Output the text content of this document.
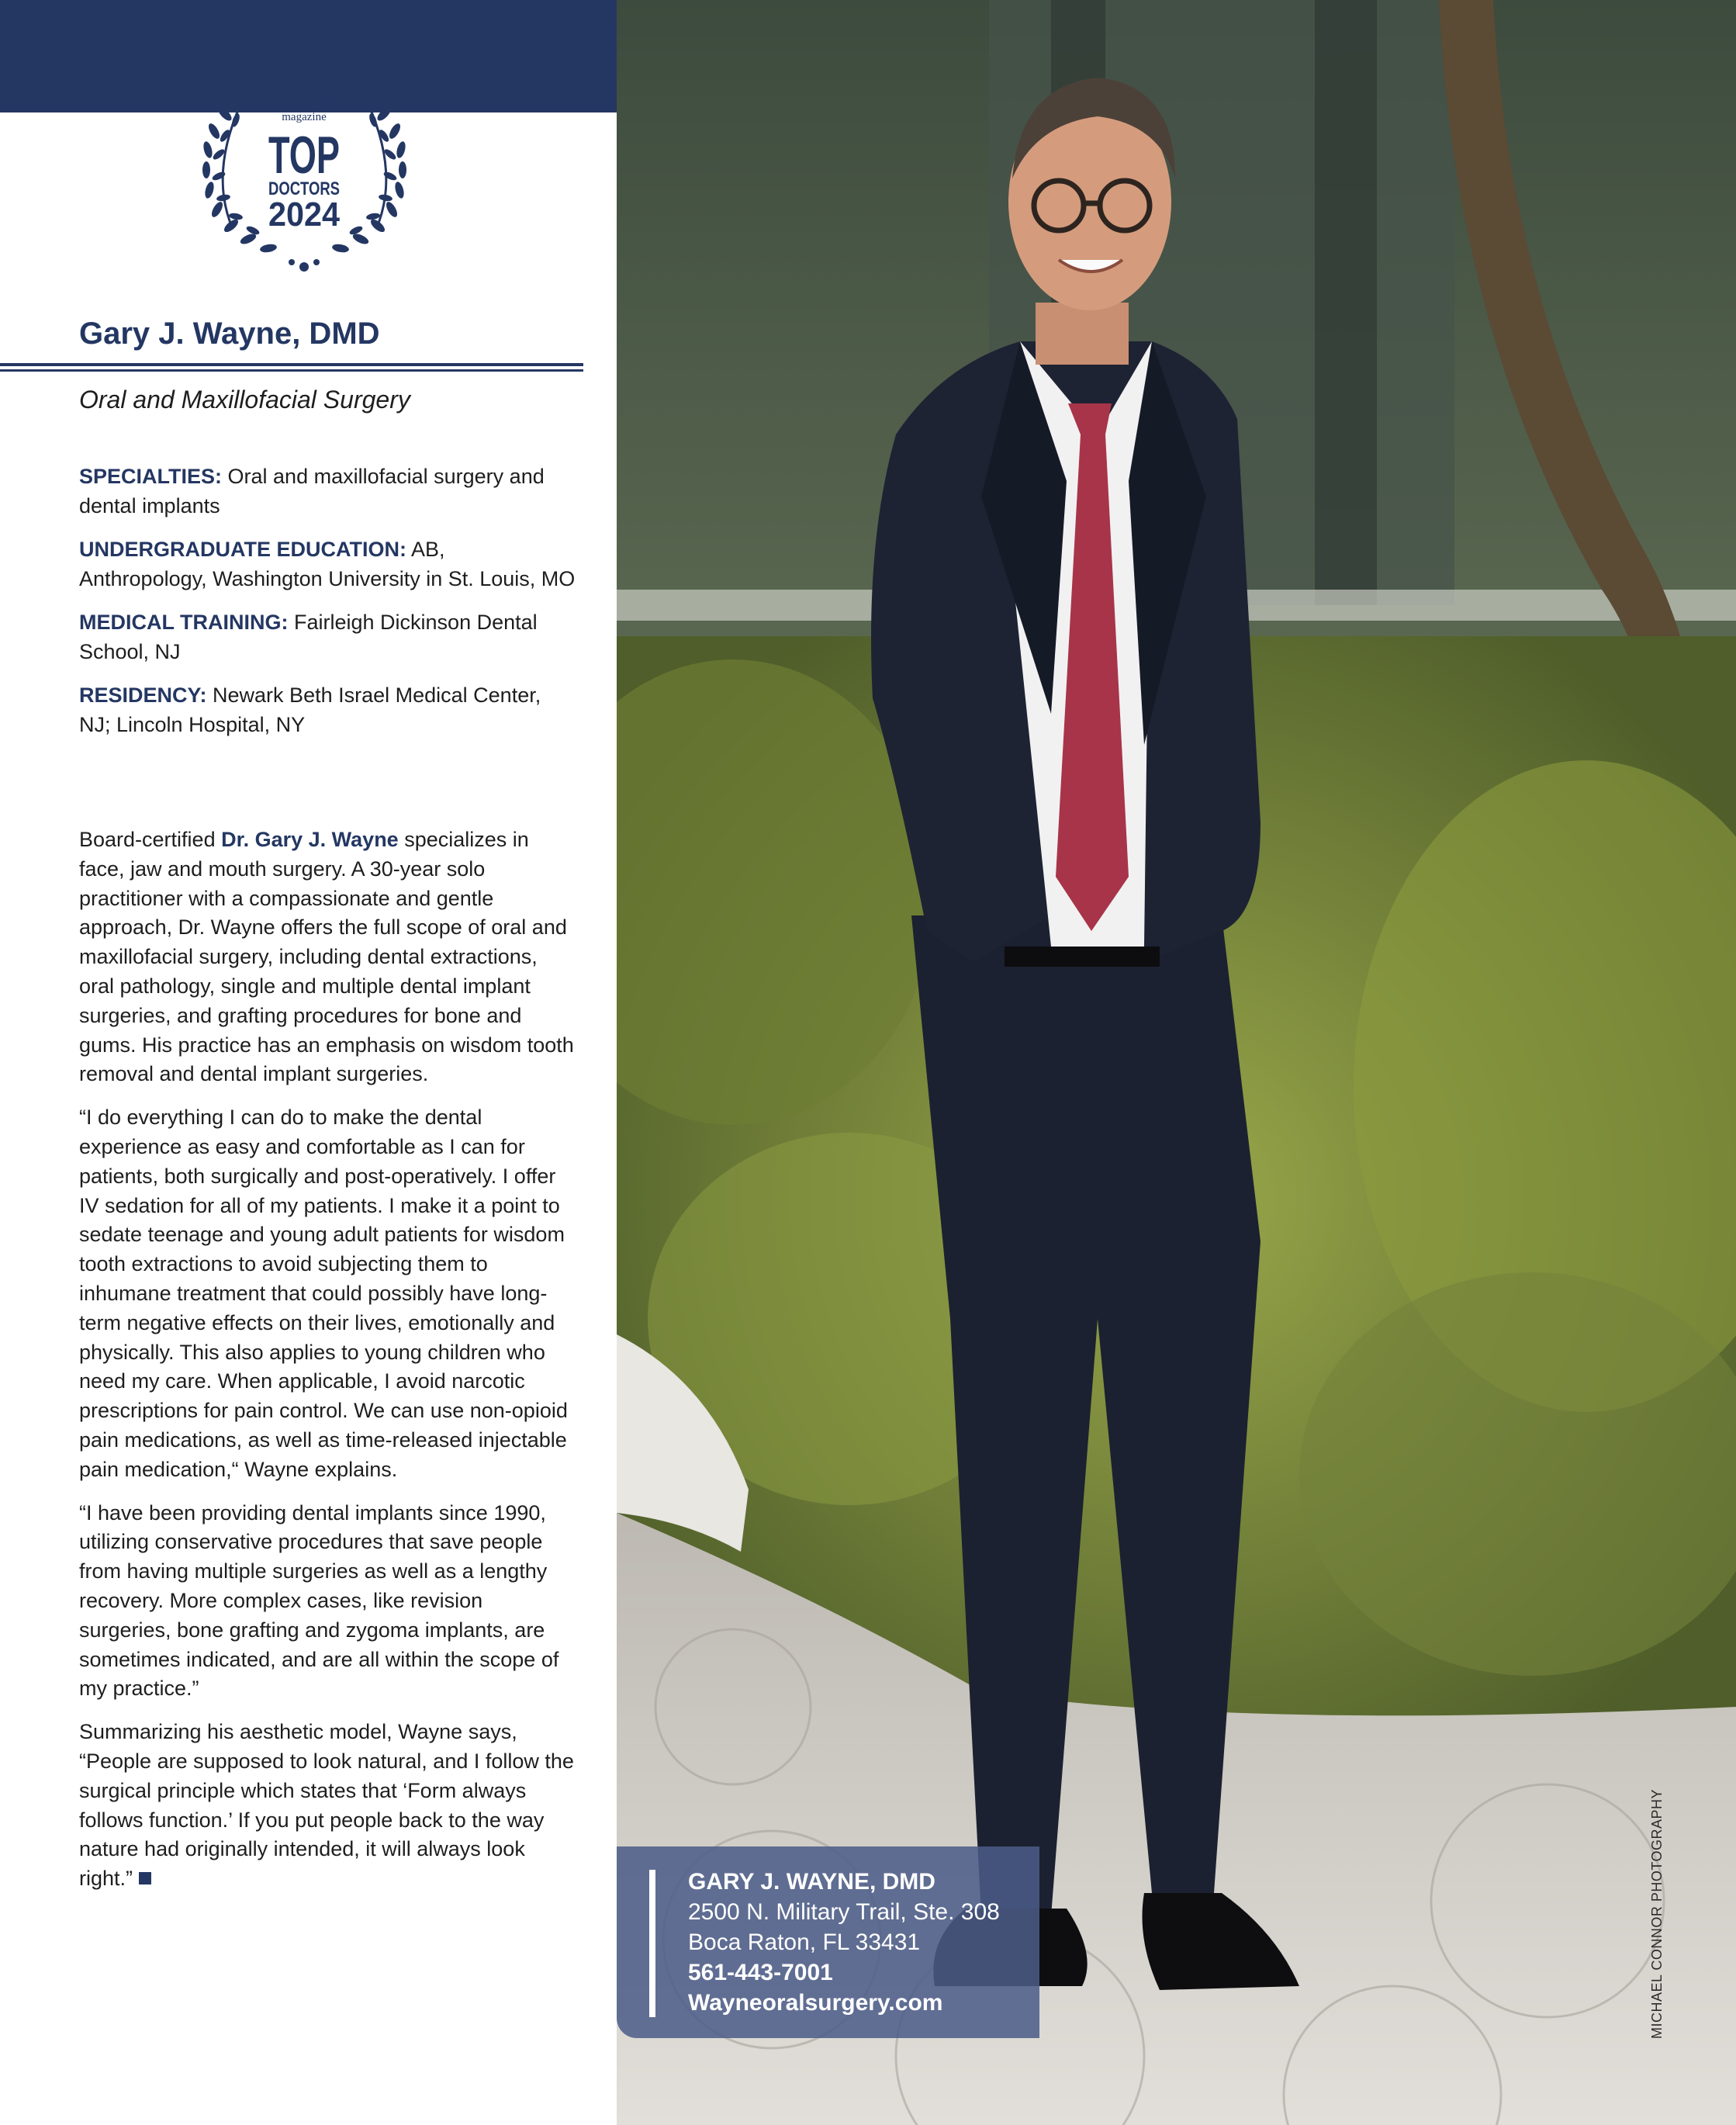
boca
magazine
TOP
DOCTORS
2024
Gary J. Wayne, DMD
Oral and Maxillofacial Surgery
SPECIALTIES: Oral and maxillofacial surgery and dental implants
UNDERGRADUATE EDUCATION: AB, Anthropology, Washington University in St. Louis, MO
MEDICAL TRAINING: Fairleigh Dickinson Dental School, NJ
RESIDENCY: Newark Beth Israel Medical Center, NJ; Lincoln Hospital, NY

Board-certified Dr. Gary J. Wayne specializes in face, jaw and mouth surgery. A 30-year solo practitioner with a compassionate and gentle approach, Dr. Wayne offers the full scope of oral and maxillofacial surgery, including dental extractions, oral pathology, single and multiple dental implant surgeries, and grafting procedures for bone and gums. His practice has an emphasis on wisdom tooth removal and dental implant surgeries.

“I do everything I can do to make the dental experience as easy and comfortable as I can for patients, both surgically and post-operatively. I offer IV sedation for all of my patients. I make it a point to sedate teenage and young adult patients for wisdom tooth extractions to avoid subjecting them to inhumane treatment that could possibly have long-term negative effects on their lives, emotionally and physically. This also applies to young children who need my care. When applicable, I avoid narcotic prescriptions for pain control. We can use non-opioid pain medications, as well as time-released injectable pain medication,“ Wayne explains.

“I have been providing dental implants since 1990, utilizing conservative procedures that save people from having multiple surgeries as well as a lengthy recovery. More complex cases, like revision surgeries, bone grafting and zygoma implants, are sometimes indicated, and are all within the scope of my practice.”

Summarizing his aesthetic model, Wayne says, “People are supposed to look natural, and I follow the surgical principle which states that ‘Form always follows function.’ If you put people back to the way nature had originally intended, it will always look right.”	MICHAEL CONNOR PHOTOGRAPHY
GARY J. WAYNE, DMD
2500 N. Military Trail, Ste. 308
Boca Raton, FL 33431
561-443-7001
Wayneoralsurgery.com
